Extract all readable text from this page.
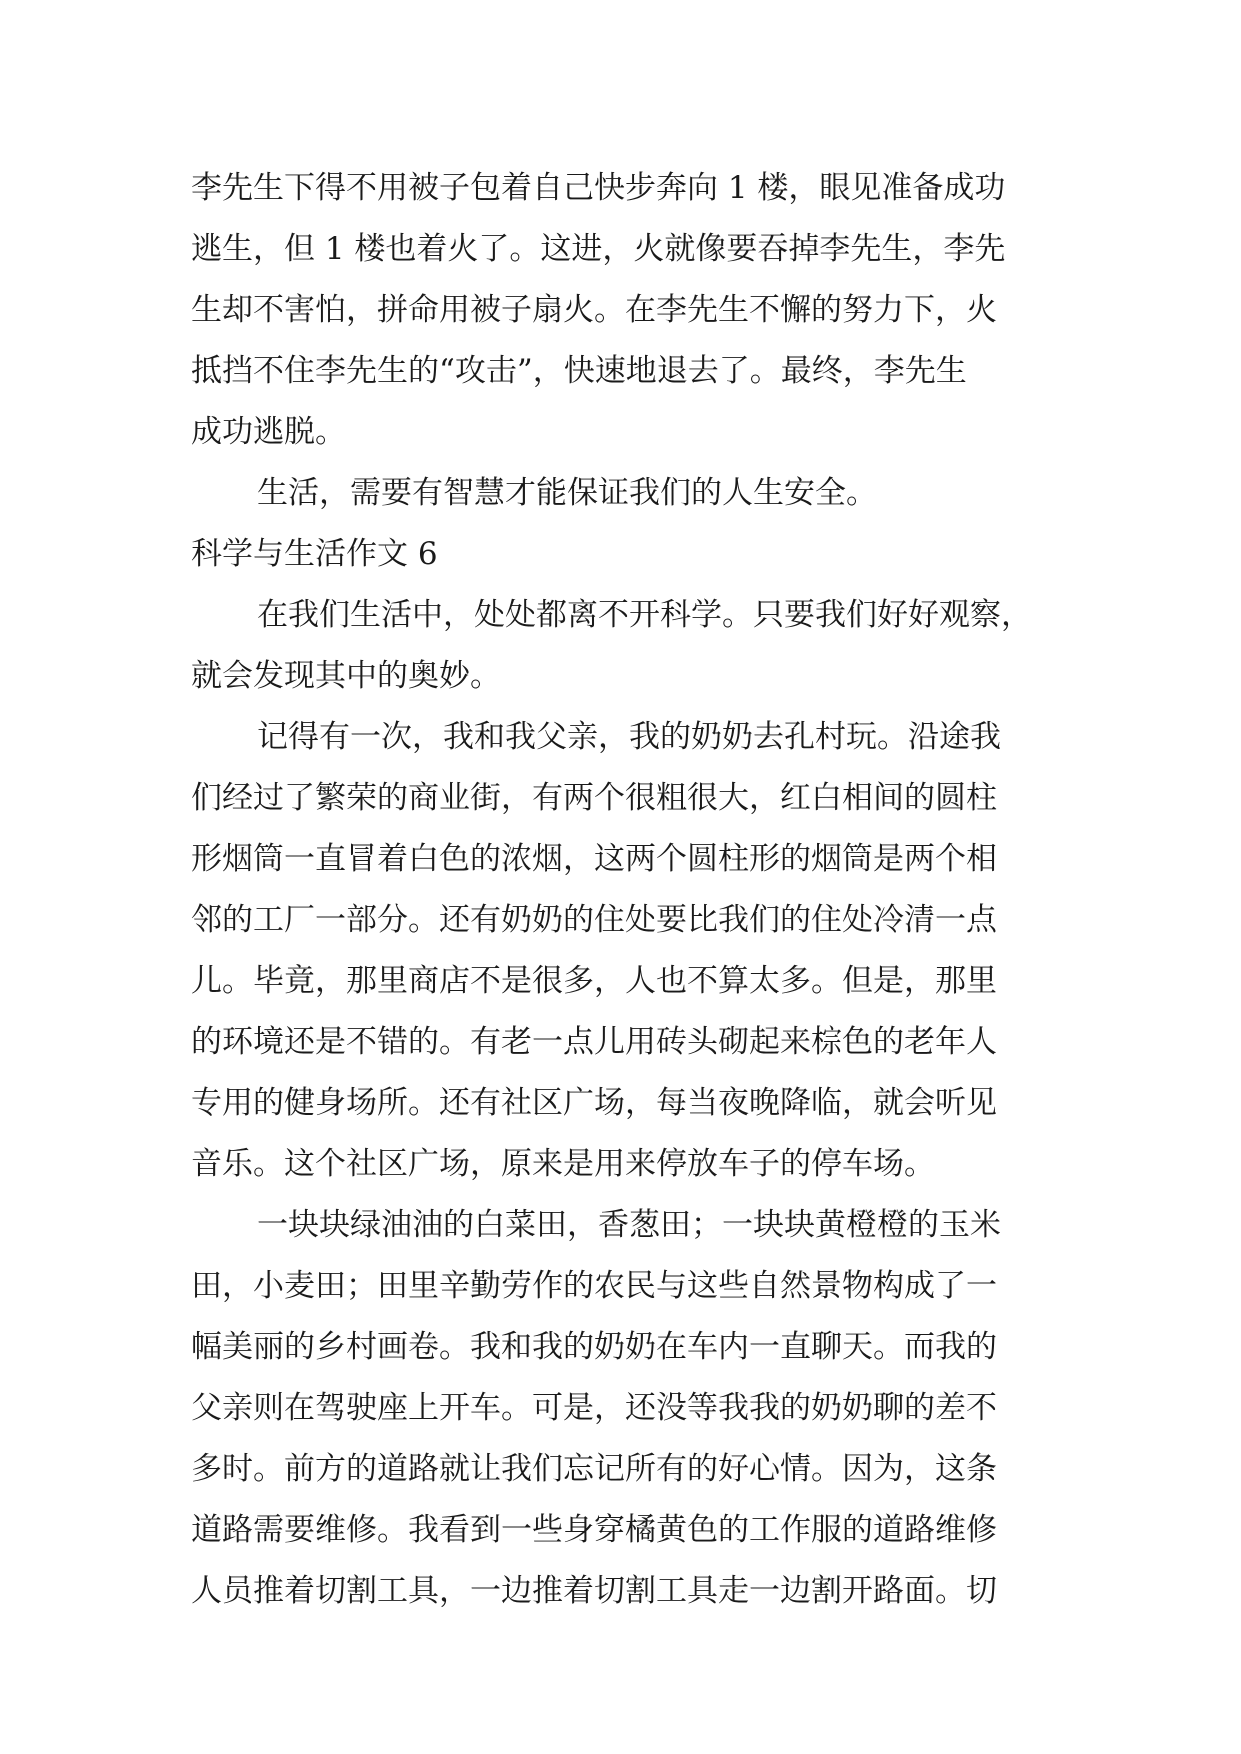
李先生下得不用被子包着自己快步奔向 1 楼，眼见准备成功
逃生，但 1 楼也着火了。这进，火就像要吞掉李先生，李先
生却不害怕，拼命用被子扇火。在李先生不懈的努力下，火
抵挡不住李先生的“攻击”，快速地退去了。最终，李先生
成功逃脱。
生活，需要有智慧才能保证我们的人生安全。
科学与生活作文 6
在我们生活中，处处都离不开科学。只要我们好好观察，
就会发现其中的奥妙。
记得有一次，我和我父亲，我的奶奶去孔村玩。沿途我
们经过了繁荣的商业街，有两个很粗很大，红白相间的圆柱
形烟筒一直冒着白色的浓烟，这两个圆柱形的烟筒是两个相
邻的工厂一部分。还有奶奶的住处要比我们的住处冷清一点
儿。毕竟，那里商店不是很多，人也不算太多。但是，那里
的环境还是不错的。有老一点儿用砖头砌起来棕色的老年人
专用的健身场所。还有社区广场，每当夜晚降临，就会听见
音乐。这个社区广场，原来是用来停放车子的停车场。
一块块绿油油的白菜田，香葱田；一块块黄橙橙的玉米
田，小麦田；田里辛勤劳作的农民与这些自然景物构成了一
幅美丽的乡村画卷。我和我的奶奶在车内一直聊天。而我的
父亲则在驾驶座上开车。可是，还没等我我的奶奶聊的差不
多时。前方的道路就让我们忘记所有的好心情。因为，这条
道路需要维修。我看到一些身穿橘黄色的工作服的道路维修
人员推着切割工具，一边推着切割工具走一边割开路面。切
